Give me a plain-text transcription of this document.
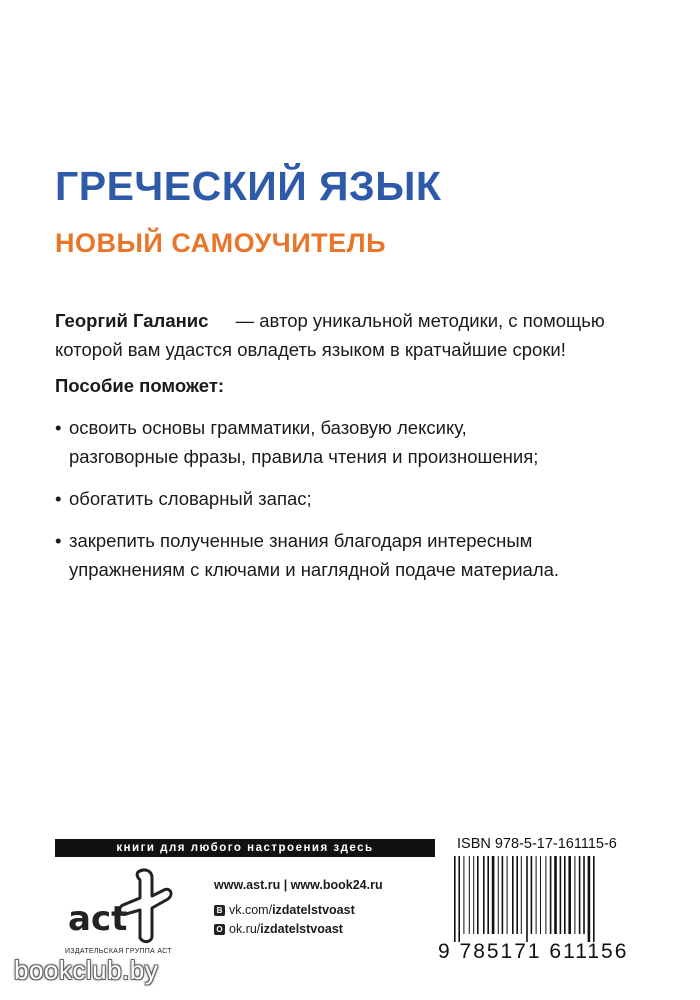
ГРЕЧЕСКИЙ ЯЗЫК
НОВЫЙ САМОУЧИТЕЛЬ
Георгий Галанис — автор уникальной методики, с помощью
которой вам удастся овладеть языком в кратчайшие сроки!
Пособие поможет:
• освоить основы грамматики, базовую лексику,
разговорные фразы, правила чтения и произношения;
• обогатить словарный запас;
• закрепить полученные знания благодаря интересным
упражнениям с ключами и наглядной подаче материала.
книги для любого настроения здесь	ISBN 978-5-17-161115-6
9 785171 611156
act
ИЗДАТЕЛЬСКАЯ ГРУППА АСТ
www.ast.ru | www.book24.ru
В vk.com/izdatelstvoast
О ok.ru/izdatelstvoast
bookclub.by
